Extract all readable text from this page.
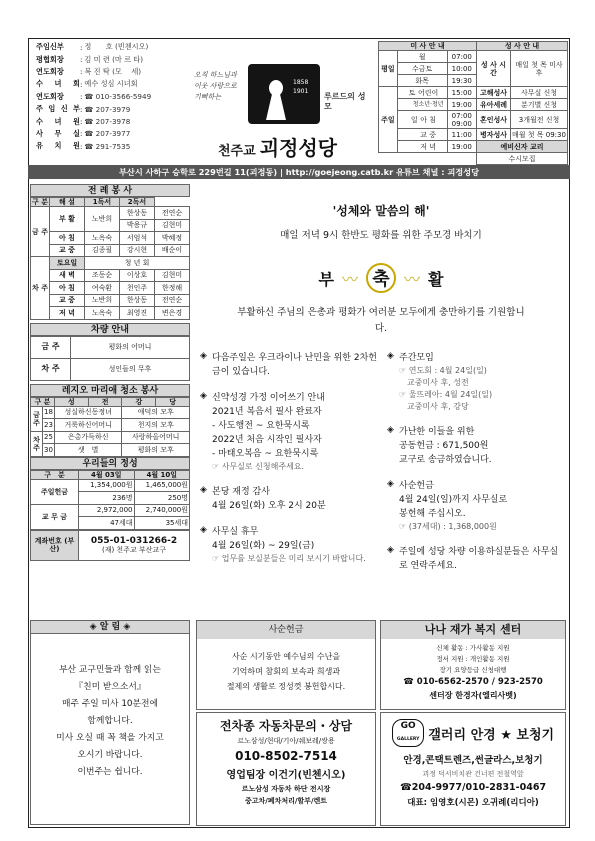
주임신부	: 정　　호 (빈첸시오)
평협회장	: 김 미 련 (마 르 타)
연도회장	: 복 진 탁 (모　 세)
수 녀 회 : 예수 성심 시녀회
연도회장	: ☎ 010-3566-5949
주 임 신 부 : ☎ 207-3979
수 녀 원 : ☎ 207-3978
사 무 실 : ☎ 207-3977
유 치 원 : ☎ 291-7535
오직 하느님과 이웃 사랑으로 기뻐하는
1858
1901
루르드의 성모
천주교 괴정성당
미 사 안 내			성 사 안 내	
평일	월	07:00	성 사 시 간	매일 첫 목 미사 후
	수금토	10:00		
	화목	19:30		
주일	토 어린이	15:00	고해성사	사무실 신청
	청소년·청년	19:00	유아세례	분기별 신청
	일 아 침	07:00 09:00	혼인성사	3개월전 신청
	교 중	11:00	병자성사	매월 첫 목 09:30
	저 녁	19:00	예비신자 교리	
			수시모집	
부산시 사하구 승학로 229번길 11(괴정동) | http://goejeong.catb.kr 유튜브 채널 : 괴정성당
전 례 봉 사
구 분	해 설	1독서	2독서	
금 주	부 활	노반희	한상동	전연순
			박용규	김현미
	아 침	노옥숙	서엄석	박혜정
	교 중	김종필	강시현	배순이
차 주	토요일	청 년 회		
	새 벽	조동순	이상호	김현미
	아 침	여숙환	천인주	한정해
	교 중	노반희	한상동	전연순
	저 녁	노옥숙	최영진	변은경
차량 안내
금 주	평화의 어머니
차 주	성인들의 무후
레지오 마리애 청소 봉사
구 분		성	전	강	당
금주	18	성실하신동정녀		애덕의 모후	
	23	거룩하신어머니		천지의 모후	
차주	25	은총가득하신		사랑하올어머니	
	30	샛　별		평화의 모후	
우리들의 정성
구　분	4월 03일	4월 10일
주일헌금	1,354,000원	1,465,000원
	236명	250명
교 무 금	2,972,000	2,740,000원
	47세대	35세대
계좌번호 (부산)	
055-01-031266-2
(재) 천주교 부산교구
'성체와 말씀의 해'
매일 저녁 9시 한반도 평화를 위한 주모경 바치기
부 〰 축 〰 활
부활하신 주님의 은총과 평화가 여러분 모두에게 충만하기를 기원합니다.
◈ 다음주일은 우크라이나 난민을 위한 2차헌금이 있습니다.
◈ 신약성경 가정 이어쓰기 안내
2021년 복음서 필사 완료자
- 사도행전 ~ 요한묵시록
2022년 처음 시작인 필사자
- 마태오복음 ~ 요한묵시록
☞ 사무실로 신청해주세요.
◈ 본당 재정 감사
4월 26일(화) 오후 2시 20분
◈ 사무실 휴무
4월 26일(화) ~ 29일(금)
☞ 업무를 보실분들은 미리 보시기 바랍니다.
◈ 주간모임
☞ 연도회 : 4월 24일(일)
　교중미사 후, 성전
☞ 울뜨레아: 4월 24일(일)
　교중미사 후, 강당
◈ 가난한 이들을 위한
공동헌금 : 671,500원
교구로 송금하였습니다.
◈ 사순헌금
4월 24일(일)까지 사무실로
봉헌해 주십시오.
☞ (37세대) : 1,368,000원
◈ 주일에 성당 차량 이용하실분들은 사무실로 연락주세요.
◈ 알 림 ◈
부산 교구민들과 함께 읽는
『친미 받으소서』
매주 주일 미사 10분전에
함께합니다.
미사 오실 때 꼭 책을 가지고
오시기 바랍니다.
이번주는 쉽니다.
사순헌금
사순 시기동안 예수님의 수난을
기억하며 참회의 보속과 희생과
절제의 생활로 정성껏 봉헌합시다.
전차종 자동차문의・상담
르노삼성/현대/기아/쉐보레/쌍용
010-8502-7514
영업팀장 이건기(빈첸시오)
르노삼성 자동차 하단 전시장
중고차/폐차처리/할부/렌트
나나 재가 복지 센터
신체 활동 : 가사활동 지원
정서 지원 : 개인활동 지원
장기 요양등급 신청대행
☎ 010-6562-2570 / 923-2570
센터장 한경자(엘리사벳)
GO
GALLERY 갤러리 안경 ★ 보청기
안경,콘택트렌즈,썬글라스,보청기
괴정 덕서비치관 건너편 전철역앞
☎204-9977/010-2831-0467
대표: 임영호(시몬) 오귀례(리디아)
